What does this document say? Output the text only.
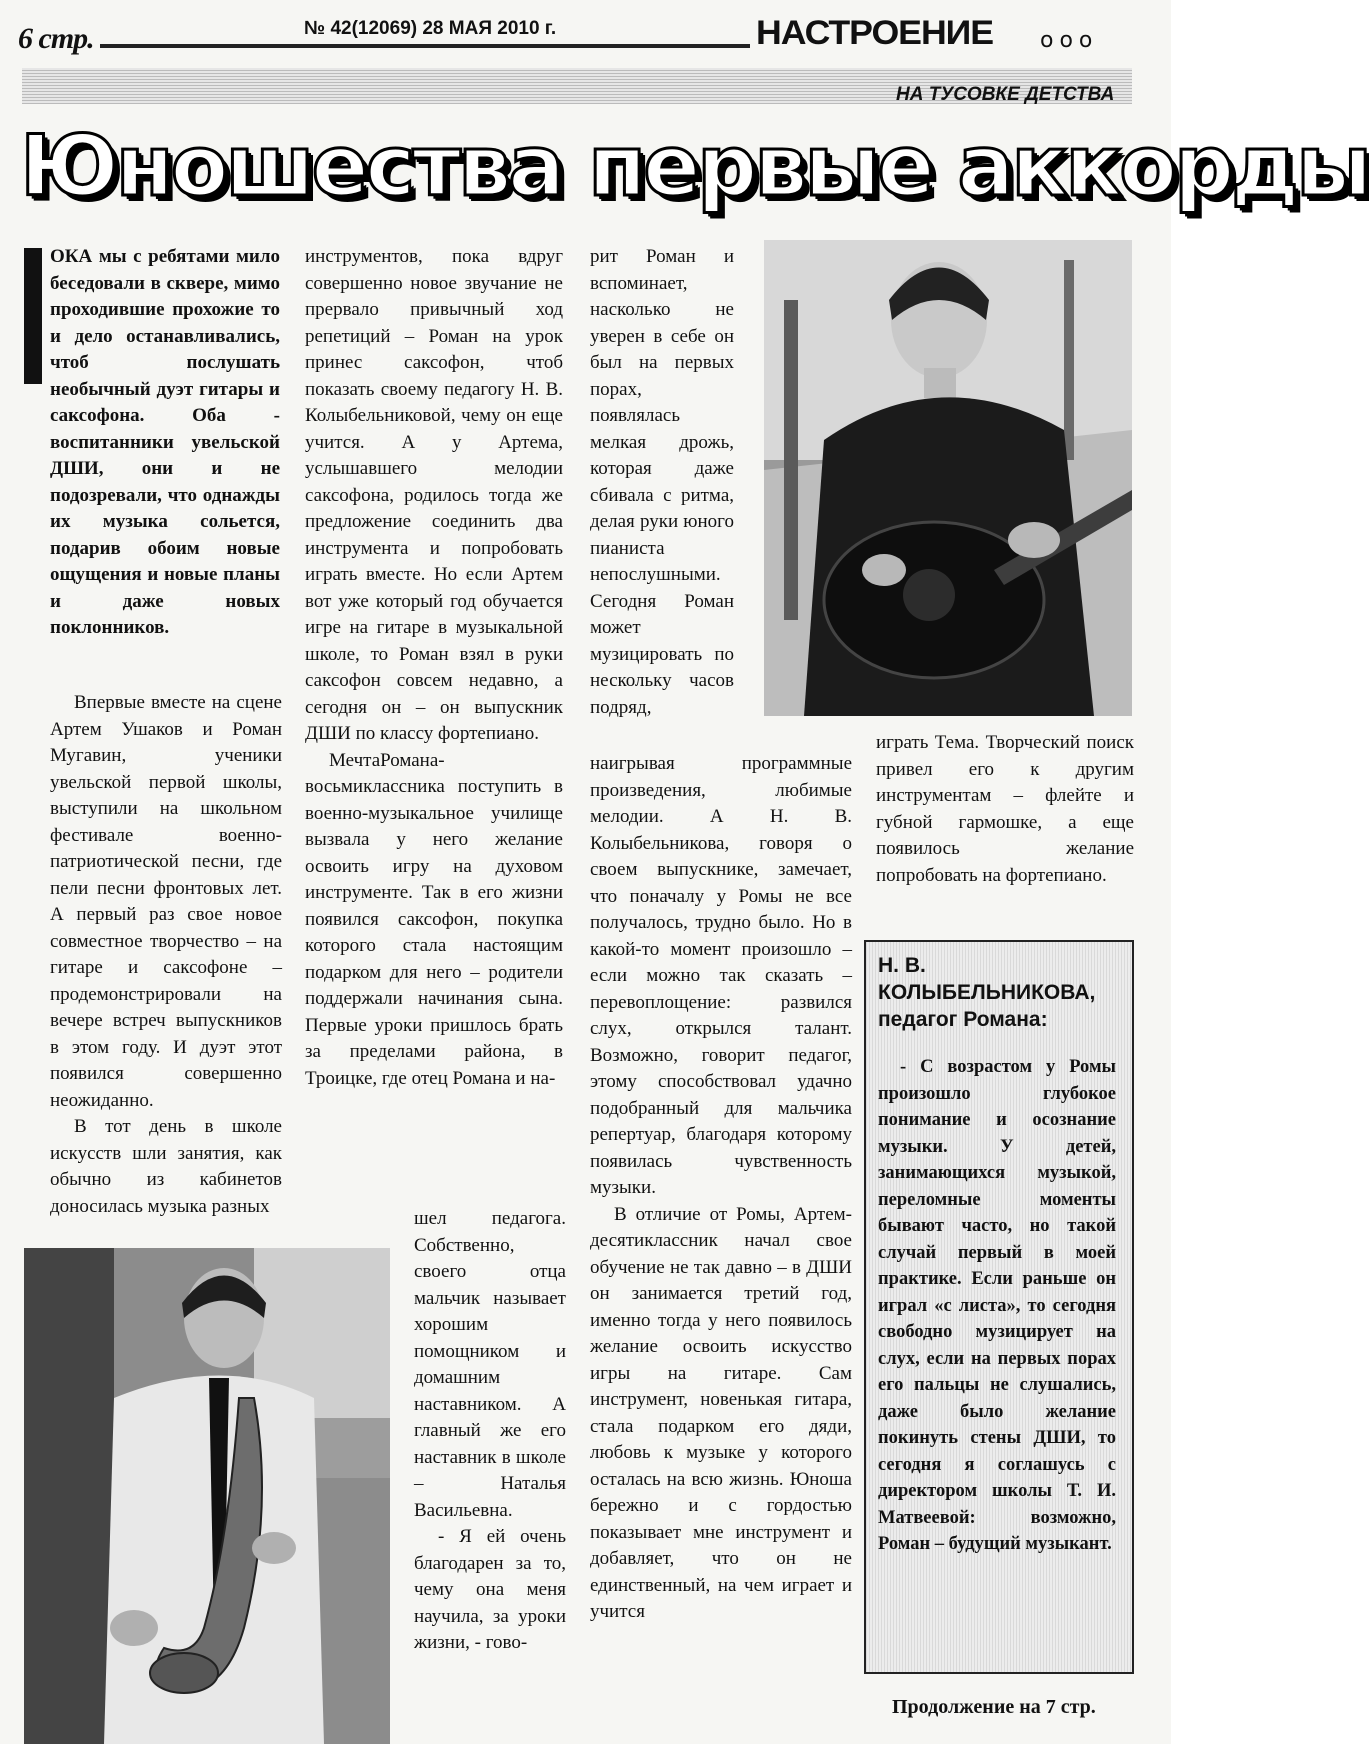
6 стр.	№ 42(12069) 28 МАЯ 2010 г.	НАСТРОЕНИЕ ооо
НА ТУСОВКЕ ДЕТСТВА
Юношества первые аккорды
ОКА мы с ребятами мило беседовали в сквере, мимо проходившие прохожие то и дело останавливались, чтоб послушать необычный дуэт гитары и саксофона. Оба - воспитанники увельской ДШИ, они и не подозревали, что однажды их музыка сольется, подарив обоим новые ощущения и новые планы и даже новых поклонников.

Впервые вместе на сцене Артем Ушаков и Роман Мугавин, ученики увельской первой школы, выступили на школьном фестивале военно-патриотической песни, где пели песни фронтовых лет. А первый раз свое новое совместное творчество – на гитаре и саксофоне – продемонстрировали на вечере встреч выпускников в этом году. И дуэт этот появился совершенно неожиданно.

В тот день в школе искусств шли занятия, как обычно из кабинетов доносилась музыка разных

инструментов, пока вдруг совершенно новое звучание не прервало привычный ход репетиций – Роман на урок принес саксофон, чтоб показать своему педагогу Н. В. Колыбельниковой, чему он еще учится. А у Артема, услышавшего мелодии саксофона, родилось тогда же предложение соединить два инструмента и попробовать играть вместе. Но если Артем вот уже который год обучается игре на гитаре в музыкальной школе, то Роман взял в руки саксофон совсем недавно, а сегодня он – он выпускник ДШИ по классу фортепиано.

МечтаРомана-восьмиклассника поступить в военно-музыкальное училище вызвала у него желание освоить игру на духовом инструменте. Так в его жизни появился саксофон, покупка которого стала настоящим подарком для него – родители поддержали начинания сына. Первые уроки пришлось брать за пределами района, в Троицке, где отец Романа и на-

шел педагога. Собственно, своего отца мальчик называет хорошим помощником и домашним наставником. А главный же его наставник в школе – Наталья Васильевна.

- Я ей очень благодарен за то, чему она меня научила, за уроки жизни, - гово-

рит Роман и вспоминает, насколько не уверен в себе он был на первых порах, появлялась мелкая дрожь, которая даже сбивала с ритма, делая руки юного пианиста непослушными. Сегодня Роман может музицировать по нескольку часов подряд,

наигрывая программные произведения, любимые мелодии. А Н. В. Колыбельникова, говоря о своем выпускнике, замечает, что поначалу у Ромы не все получалось, трудно было. Но в какой-то момент произошло – если можно так сказать – перевоплощение: развился слух, открылся талант. Возможно, говорит педагог, этому способствовал удачно подобранный для мальчика репертуар, благодаря которому появилась чувственность музыки.

В отличие от Ромы, Артем-десятиклассник начал свое обучение не так давно – в ДШИ он занимается третий год, именно тогда у него появилось желание освоить искусство игры на гитаре. Сам инструмент, новенькая гитара, стала подарком его дяди, любовь к музыке у которого осталась на всю жизнь. Юноша бережно и с гордостью показывает мне инструмент и добавляет, что он не единственный, на чем играет и учится

играть Тема. Творческий поиск привел его к другим инструментам – флейте и губной гармошке, а еще появилось желание попробовать на фортепиано.

Н. В. КОЛЫБЕЛЬНИКОВА, педагог Романа:

- С возрастом у Ромы произошло глубокое понимание и осознание музыки. У детей, занимающихся музыкой, переломные моменты бывают часто, но такой случай первый в моей практике. Если раньше он играл «с листа», то сегодня свободно музицирует на слух, если на первых порах его пальцы не слушались, даже было желание покинуть стены ДШИ, то сегодня я соглашусь с директором школы Т. И. Матвеевой: возможно, Роман – будущий музыкант.

Продолжение на 7 стр.
